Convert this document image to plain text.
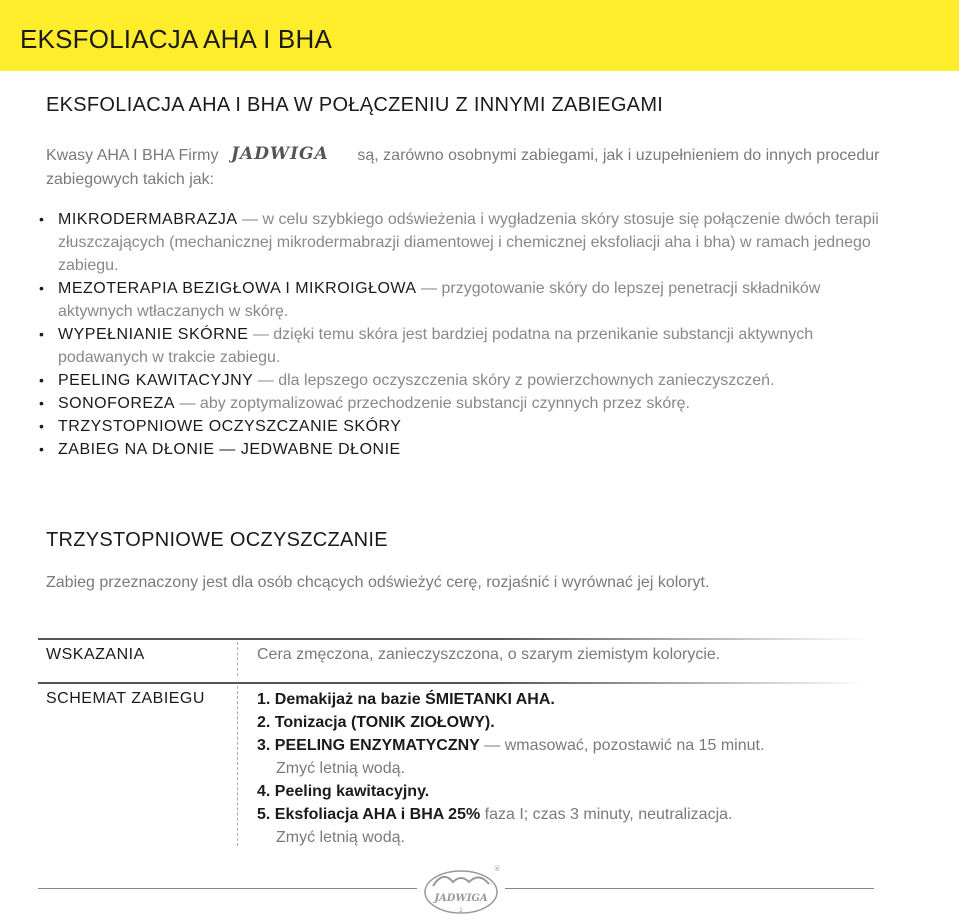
EKSFOLIACJA AHA I BHA
EKSFOLIACJA AHA I BHA W POŁĄCZENIU Z INNYMI ZABIEGAMI
Kwasy AHA I BHA Firmy JADWIGA są, zarówno osobnymi zabiegami, jak i uzupełnieniem do innych procedur zabiegowych takich jak:
• MIKRODERMABRAZJA — w celu szybkiego odświeżenia i wygładzenia skóry stosuje się połączenie dwóch terapii złuszczających (mechanicznej mikrodermabrazji diamentowej i chemicznej eksfoliacji aha i bha) w ramach jednego zabiegu.
• MEZOTERAPIA BEZIGŁOWA I MIKROIGŁOWA — przygotowanie skóry do lepszej penetracji składników aktywnych wtłaczanych w skórę.
• WYPEŁNIANIE SKÓRNE — dzięki temu skóra jest bardziej podatna na przenikanie substancji aktywnych podawanych w trakcie zabiegu.
• PEELING KAWITACYJNY — dla lepszego oczyszczenia skóry z powierzchownych zanieczyszczeń.
• SONOFOREZA — aby zoptymalizować przechodzenie substancji czynnych przez skórę.
• TRZYSTOPNIOWE OCZYSZCZANIE SKÓRY
• ZABIEG NA DŁONIE — JEDWABNE DŁONIE
TRZYSTOPNIOWE OCZYSZCZANIE
Zabieg przeznaczony jest dla osób chcących odświeżyć cerę, rozjaśnić i wyrównać jej koloryt.
WSKAZANIA	Cera zmęczona, zanieczyszczona, o szarym ziemistym kolorycie.
SCHEMAT ZABIEGU	1. Demakijaż na bazie ŚMIETANKI AHA.
2. Tonizacja (TONIK ZIOŁOWY).
3. PEELING ENZYMATYCZNY — wmasować, pozostawić na 15 minut.
Zmyć letnią wodą.
4. Peeling kawitacyjny.
5. Eksfoliacja AHA i BHA 25% faza I; czas 3 minuty, neutralizacja.
Zmyć letnią wodą.
JADWIGA
2
®
